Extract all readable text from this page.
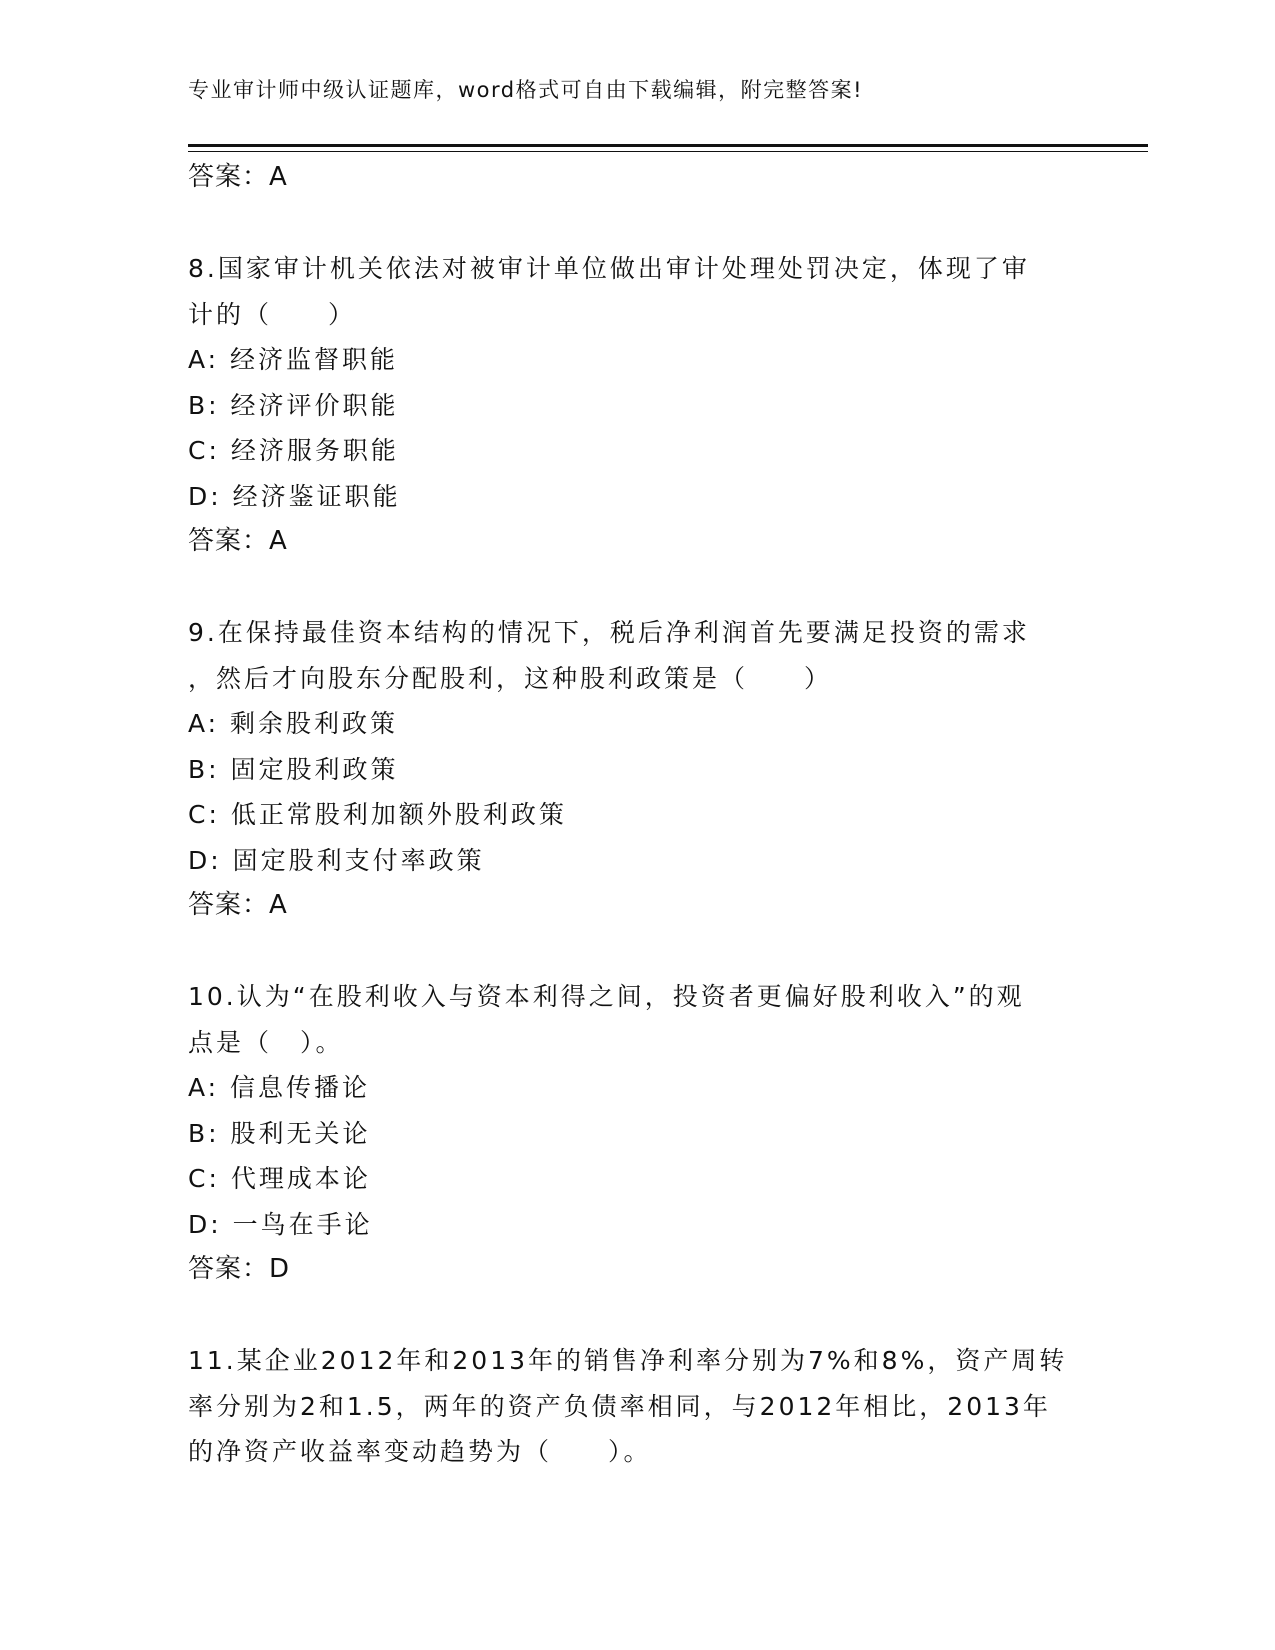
专业审计师中级认证题库，word格式可自由下载编辑，附完整答案!
答案：A
8.国家审计机关依法对被审计单位做出审计处理处罚决定，体现了审
计的（　　）
A: 经济监督职能
B: 经济评价职能
C: 经济服务职能
D: 经济鉴证职能
答案：A
9.在保持最佳资本结构的情况下，税后净利润首先要满足投资的需求
，然后才向股东分配股利，这种股利政策是（　　）
A: 剩余股利政策
B: 固定股利政策
C: 低正常股利加额外股利政策
D: 固定股利支付率政策
答案：A
10.认为“在股利收入与资本利得之间，投资者更偏好股利收入”的观
点是（　）。
A: 信息传播论
B: 股利无关论
C: 代理成本论
D: 一鸟在手论
答案：D
11.某企业2012年和2013年的销售净利率分别为7%和8%，资产周转
率分别为2和1.5，两年的资产负债率相同，与2012年相比，2013年
的净资产收益率变动趋势为（　　）。
